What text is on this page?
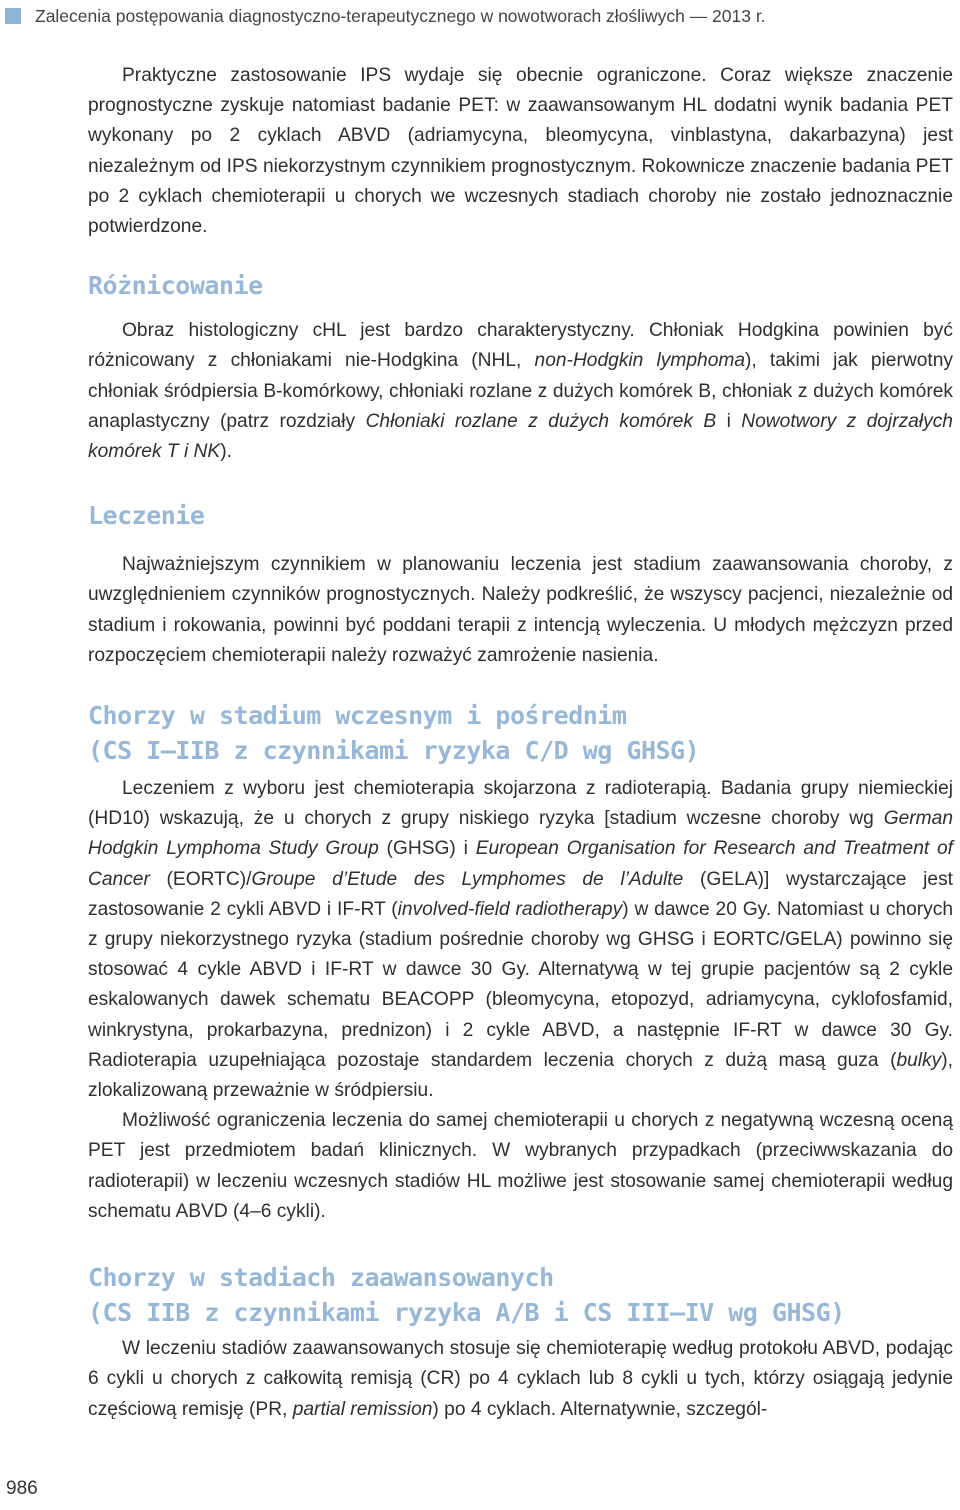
Zalecenia postępowania diagnostyczno-terapeutycznego w nowotworach złośliwych — 2013 r.

Praktyczne zastosowanie IPS wydaje się obecnie ograniczone. Coraz większe znaczenie prognostyczne zyskuje natomiast badanie PET: w zaawansowanym HL dodatni wynik badania PET wykonany po 2 cyklach ABVD (adriamycyna, bleomycyna, vinblastyna, dakarbazyna) jest niezależnym od IPS niekorzystnym czynnikiem prognostycznym. Rokownicze znaczenie badania PET po 2 cyklach chemioterapii u chorych we wczesnych stadiach choroby nie zostało jednoznacznie potwierdzone.

Różnicowanie

Obraz histologiczny cHL jest bardzo charakterystyczny. Chłoniak Hodgkina powinien być różnicowany z chłoniakami nie-Hodgkina (NHL, non-Hodgkin lymphoma), takimi jak pierwotny chłoniak śródpiersia B-komórkowy, chłoniaki rozlane z dużych komórek B, chłoniak z dużych komórek anaplastyczny (patrz rozdziały Chłoniaki rozlane z dużych komórek B i Nowotwory z dojrzałych komórek T i NK).

Leczenie

Najważniejszym czynnikiem w planowaniu leczenia jest stadium zaawansowania choroby, z uwzględnieniem czynników prognostycznych. Należy podkreślić, że wszyscy pacjenci, niezależnie od stadium i rokowania, powinni być poddani terapii z intencją wyleczenia. U młodych mężczyzn przed rozpoczęciem chemioterapii należy rozważyć zamrożenie nasienia.

Chorzy w stadium wczesnym i pośrednim
(CS I–IIB z czynnikami ryzyka C/D wg GHSG)

Leczeniem z wyboru jest chemioterapia skojarzona z radioterapią. Badania grupy niemieckiej (HD10) wskazują, że u chorych z grupy niskiego ryzyka [stadium wczesne choroby wg German Hodgkin Lymphoma Study Group (GHSG) i European Organisation for Research and Treatment of Cancer (EORTC)/Groupe d’Etude des Lymphomes de l’Adulte (GELA)] wystarczające jest zastosowanie 2 cykli ABVD i IF-RT (involved-field radiotherapy) w dawce 20 Gy. Natomiast u chorych z grupy niekorzystnego ryzyka (stadium pośrednie choroby wg GHSG i EORTC/GELA) powinno się stosować 4 cykle ABVD i IF-RT w dawce 30 Gy. Alternatywą w tej grupie pacjentów są 2 cykle eskalowanych dawek schematu BEACOPP (bleomycyna, etopozyd, adriamycyna, cyklofosfamid, winkrystyna, prokarbazyna, prednizon) i 2 cykle ABVD, a następnie IF-RT w dawce 30 Gy. Radioterapia uzupełniająca pozostaje standardem leczenia chorych z dużą masą guza (bulky), zlokalizowaną przeważnie w śródpiersiu.

Możliwość ograniczenia leczenia do samej chemioterapii u chorych z negatywną wczesną oceną PET jest przedmiotem badań klinicznych. W wybranych przypadkach (przeciwwskazania do radioterapii) w leczeniu wczesnych stadiów HL możliwe jest stosowanie samej chemioterapii według schematu ABVD (4–6 cykli).

Chorzy w stadiach zaawansowanych
(CS IIB z czynnikami ryzyka A/B i CS III–IV wg GHSG)

W leczeniu stadiów zaawansowanych stosuje się chemioterapię według protokołu ABVD, podając 6 cykli u chorych z całkowitą remisją (CR) po 4 cyklach lub 8 cykli u tych, którzy osiągają jedynie częściową remisję (PR, partial remission) po 4 cyklach. Alternatywnie, szczegól-

986
